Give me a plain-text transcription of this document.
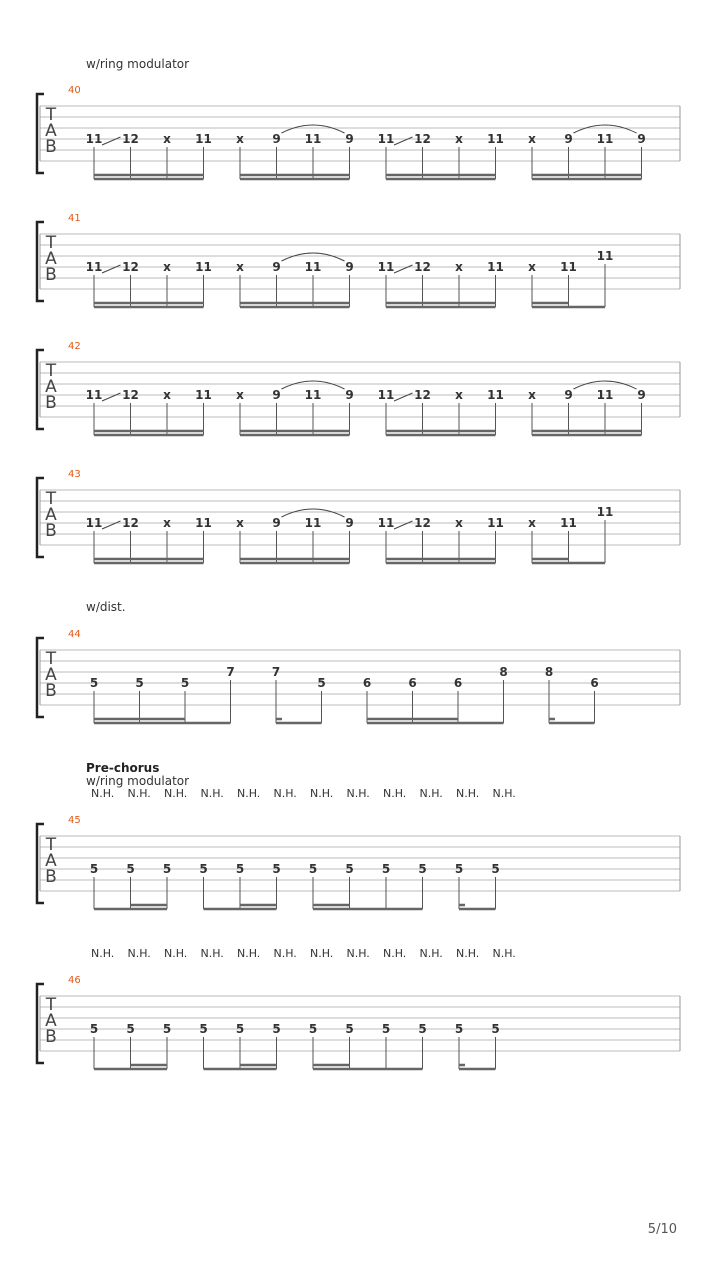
T
A
B
40
w/ring modulator
11 12 x 11 x 9 11 9 11 12 x 11 x 9 11 9
T
A
B
41
11 12 x 11 x 9 11 9 11 12 x 11 x 11
11
T
A
B
42
11 12 x 11 x 9 11 9 11 12 x 11 x 9 11 9
T
A
B
43
11 12 x 11 x 9 11 9 11 12 x 11 x 11
11
T
A
B
44
w/dist.
5	5	5
7	7
5	6	6	6
8	8
6
T
A
B
45
Pre-chorus
w/ring modulator
5
N.H.
5
N.H.
5
N.H.
5
N.H.
5
N.H.
5
N.H.
5
N.H.
5
N.H.
5
N.H.
5
N.H.
5
N.H.
5
N.H.
T
A
B
46
5
N.H.
5
N.H.
5
N.H.
5
N.H.
5
N.H.
5
N.H.
5
N.H.
5
N.H.
5
N.H.
5
N.H.
5
N.H.
5
N.H.
5/10
